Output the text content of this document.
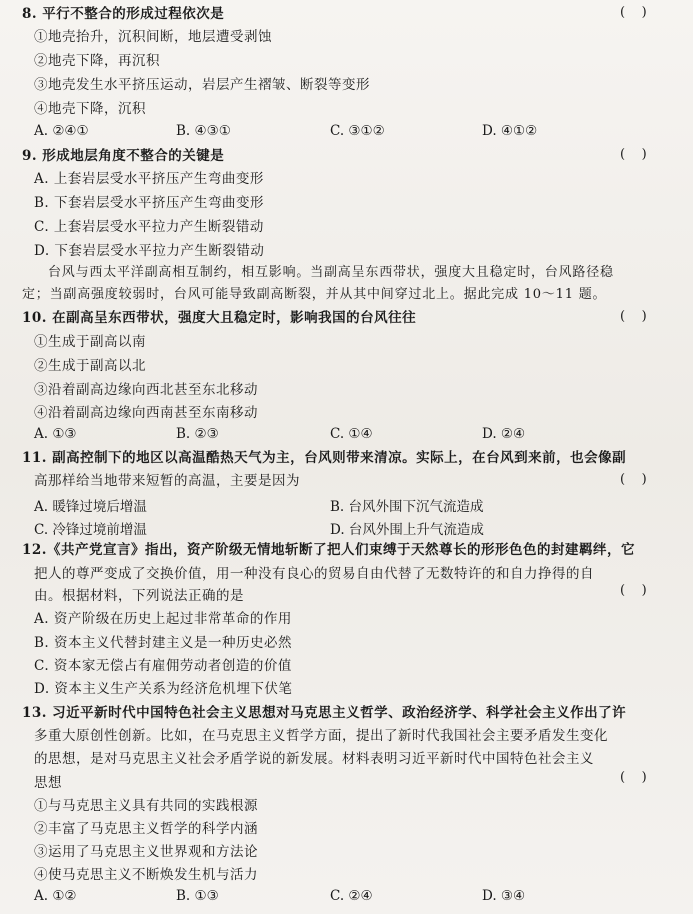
8. 平行不整合的形成过程依次是	(    )
①地壳抬升，沉积间断，地层遭受剥蚀
②地壳下降，再沉积
③地壳发生水平挤压运动，岩层产生褶皱、断裂等变形
④地壳下降，沉积
A. ②④①	B. ④③①	C. ③①②	D. ④①②
9. 形成地层角度不整合的关键是	(    )
A. 上套岩层受水平挤压产生弯曲变形
B. 下套岩层受水平挤压产生弯曲变形
C. 上套岩层受水平拉力产生断裂错动
D. 下套岩层受水平拉力产生断裂错动
台风与西太平洋副高相互制约，相互影响。当副高呈东西带状，强度大且稳定时，台风路径稳
定；当副高强度较弱时，台风可能导致副高断裂，并从其中间穿过北上。据此完成 10～11 题。
10. 在副高呈东西带状，强度大且稳定时，影响我国的台风往往	(    )
①生成于副高以南
②生成于副高以北
③沿着副高边缘向西北甚至东北移动
④沿着副高边缘向西南甚至东南移动
A. ①③	B. ②③	C. ①④	D. ②④
11. 副高控制下的地区以高温酷热天气为主，台风则带来清凉。实际上，在台风到来前，也会像副
高那样给当地带来短暂的高温，主要是因为	(    )
A. 暖锋过境后增温	B. 台风外围下沉气流造成
C. 冷锋过境前增温	D. 台风外围上升气流造成
12.《共产党宣言》指出，资产阶级无情地斩断了把人们束缚于天然尊长的形形色色的封建羁绊，它
把人的尊严变成了交换价值，用一种没有良心的贸易自由代替了无数特许的和自力挣得的自
由。根据材料，下列说法正确的是	(    )
A. 资产阶级在历史上起过非常革命的作用
B. 资本主义代替封建主义是一种历史必然
C. 资本家无偿占有雇佣劳动者创造的价值
D. 资本主义生产关系为经济危机埋下伏笔
13. 习近平新时代中国特色社会主义思想对马克思主义哲学、政治经济学、科学社会主义作出了许
多重大原创性创新。比如，在马克思主义哲学方面，提出了新时代我国社会主要矛盾发生变化
的思想，是对马克思主义社会矛盾学说的新发展。材料表明习近平新时代中国特色社会主义
思想	(    )
①与马克思主义具有共同的实践根源
②丰富了马克思主义哲学的科学内涵
③运用了马克思主义世界观和方法论
④使马克思主义不断焕发生机与活力
A. ①②	B. ①③	C. ②④	D. ③④
